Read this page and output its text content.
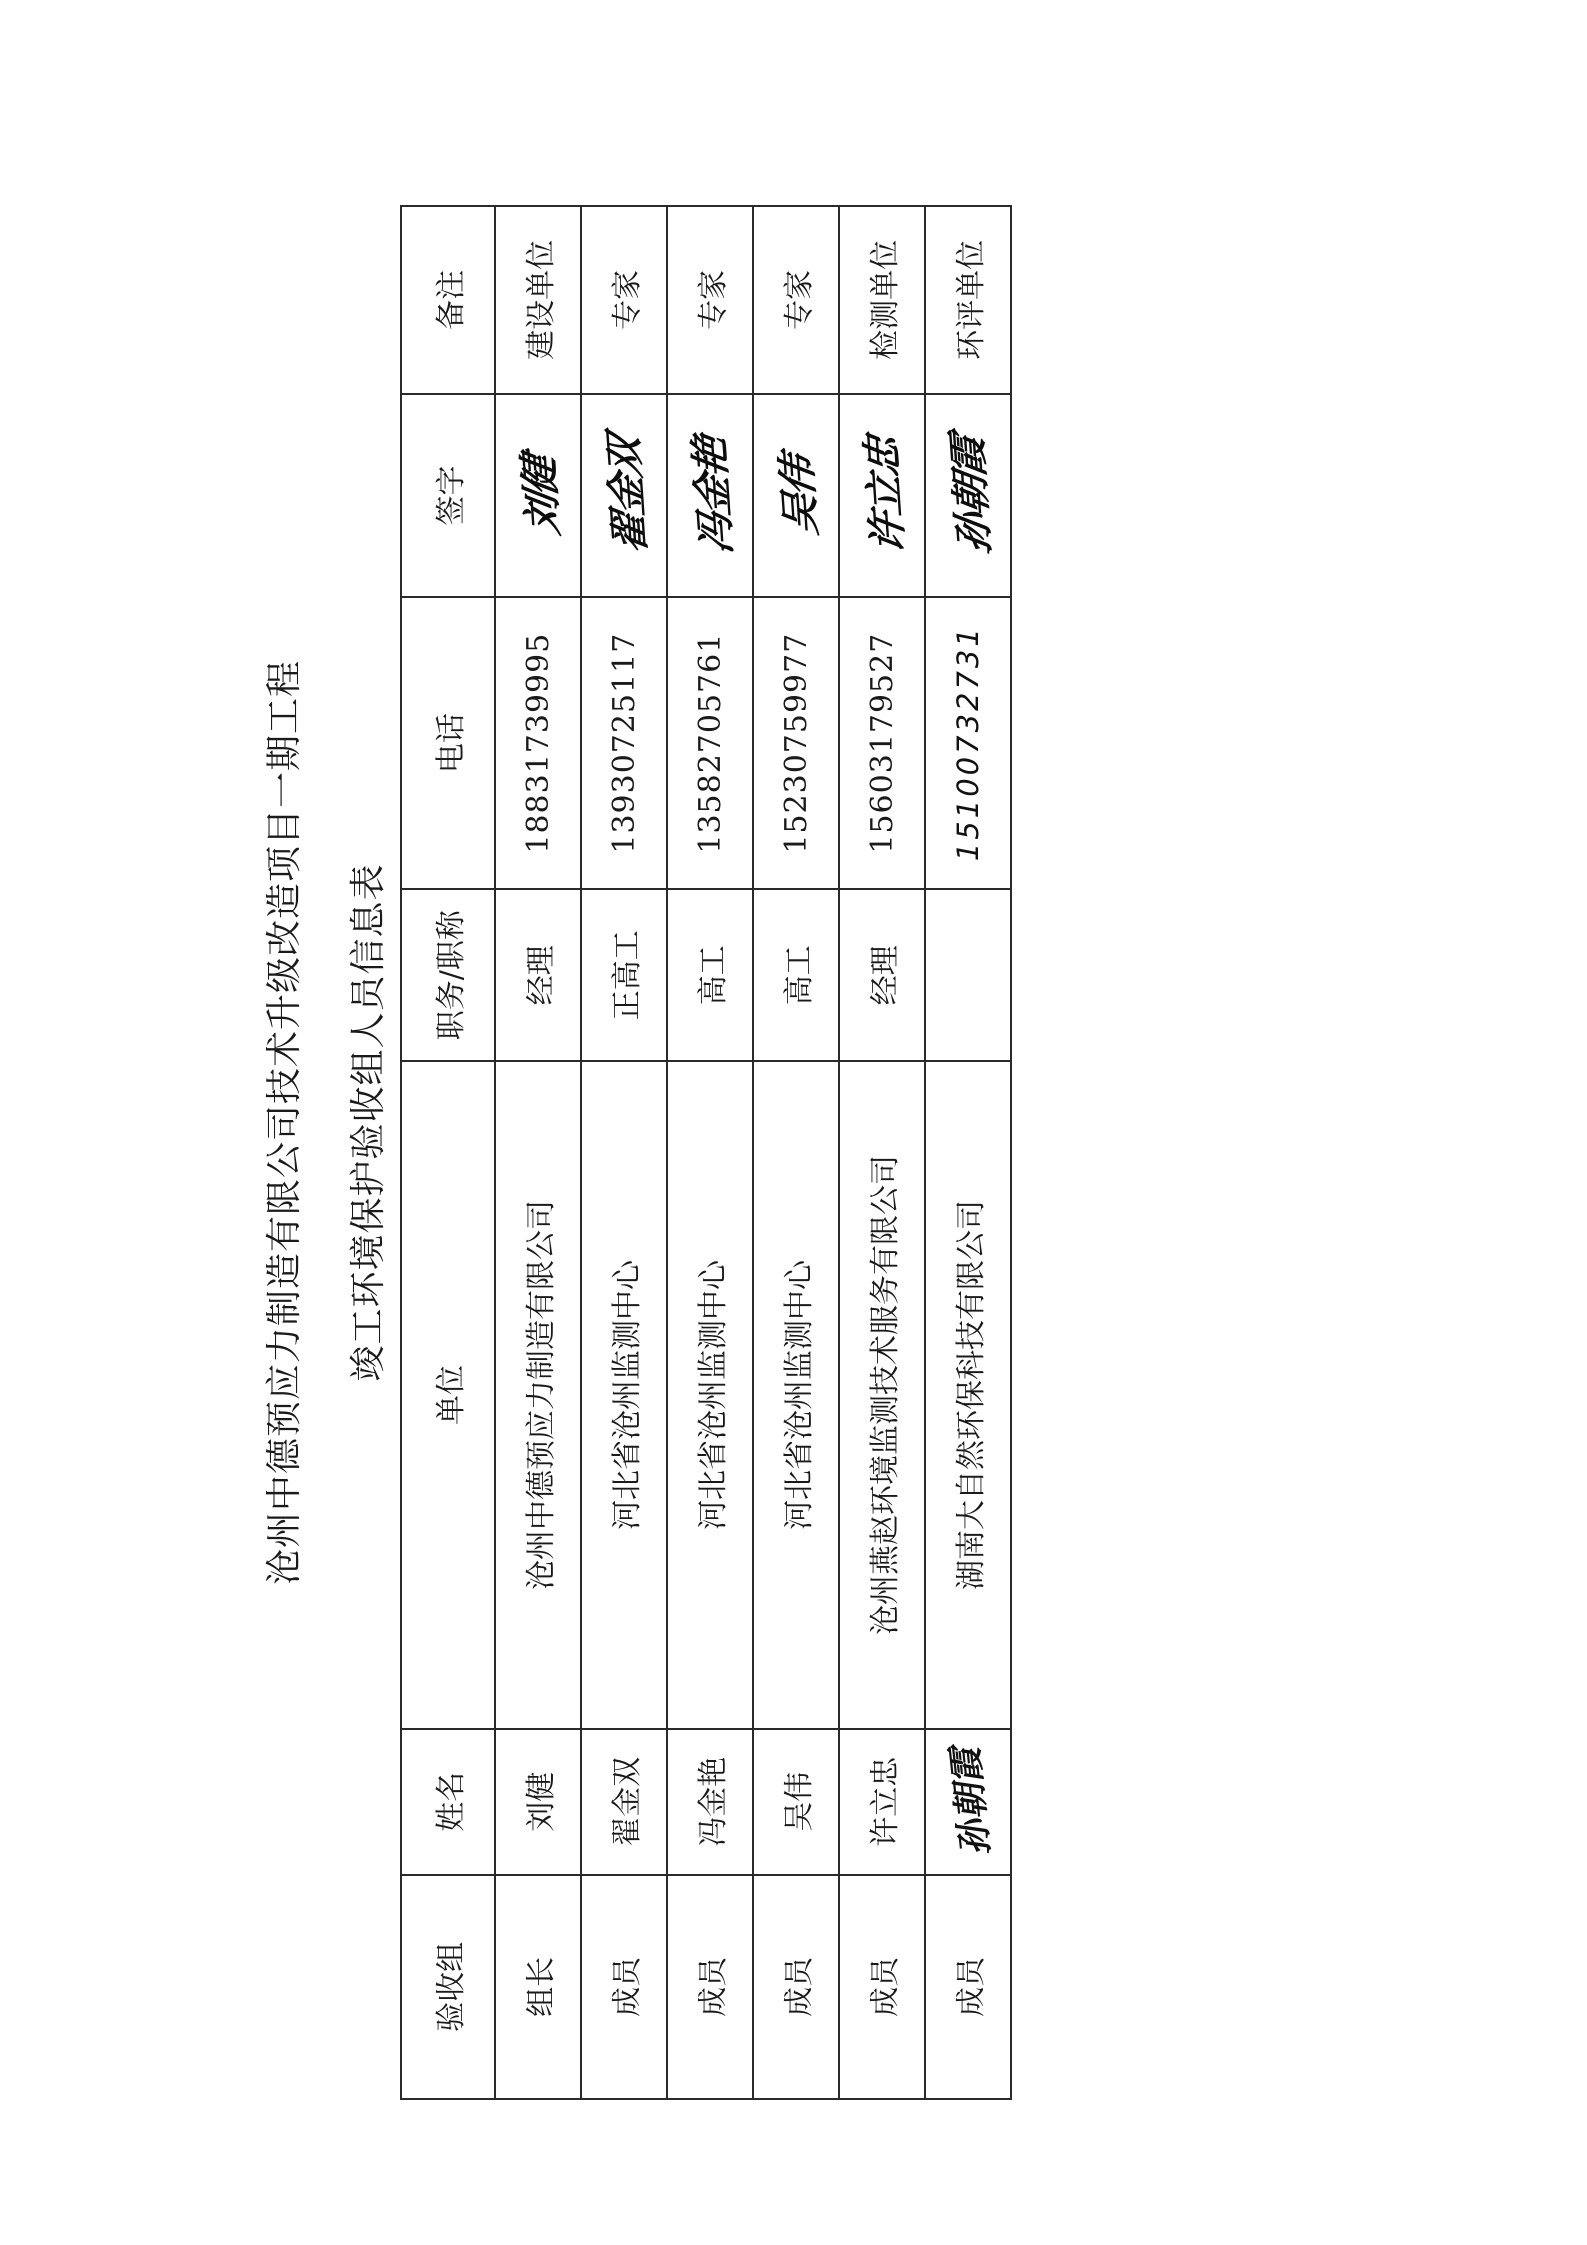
沧州中德预应力制造有限公司技术升级改造项目一期工程 竣工环境保护验收组人员信息表
验收组	姓名	单位	职务/职称	电话	签字	备注
组长	刘健	沧州中德预应力制造有限公司	经理	18831739995	刘健	建设单位
成员	翟金双	河北省沧州监测中心	正高工	13930725117	翟金双	专家
成员	冯金艳	河北省沧州监测中心	高工	13582705761	冯金艳	专家
成员	吴伟	河北省沧州监测中心	高工	15230759977	吴伟	专家
成员	许立忠	沧州燕赵环境监测技术服务有限公司	经理	15603179527	许立忠	检测单位
成员	孙朝霞	湖南大自然环保科技有限公司		15100732731	孙朝霞	环评单位
